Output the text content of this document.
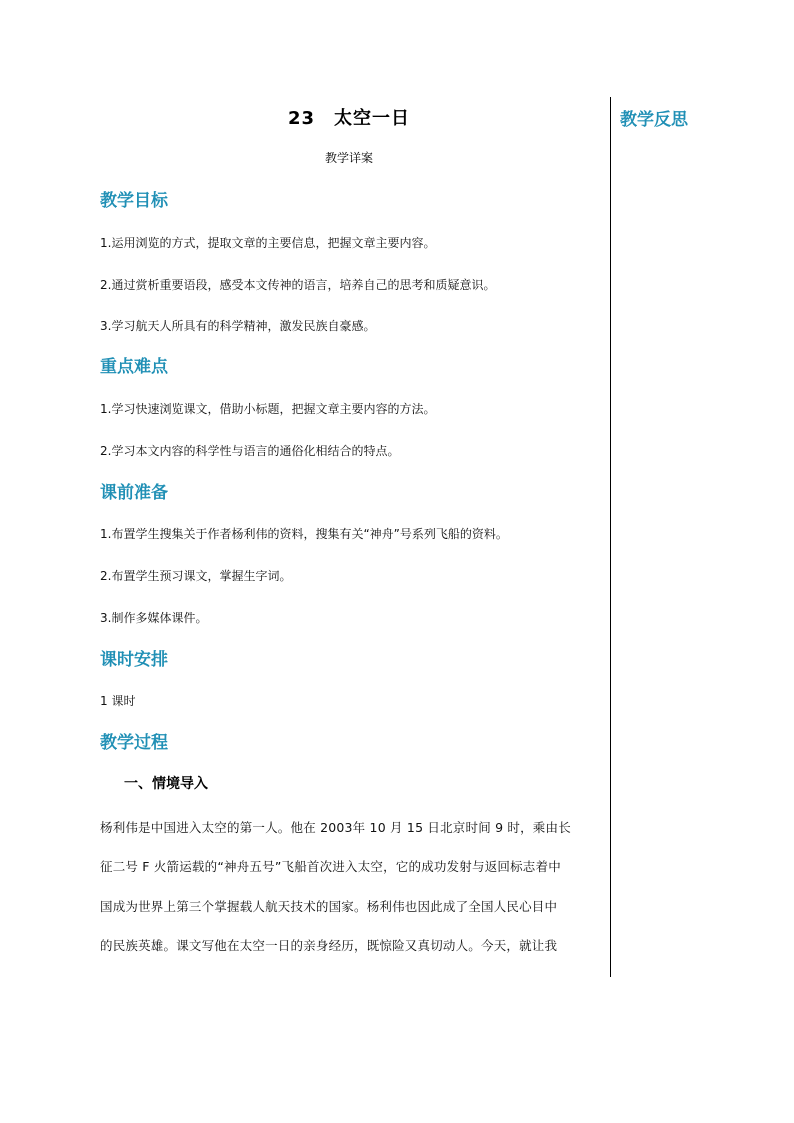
23　太空一日
教学详案
教学目标
1.运用浏览的方式，提取文章的主要信息，把握文章主要内容。
2.通过赏析重要语段，感受本文传神的语言，培养自己的思考和质疑意识。
3.学习航天人所具有的科学精神，激发民族自豪感。
重点难点
1.学习快速浏览课文，借助小标题，把握文章主要内容的方法。
2.学习本文内容的科学性与语言的通俗化相结合的特点。
课前准备
1.布置学生搜集关于作者杨利伟的资料，搜集有关“神舟”号系列飞船的资料。
2.布置学生预习课文，掌握生字词。
3.制作多媒体课件。
课时安排
1 课时
教学过程
一、情境导入
杨利伟是中国进入太空的第一人。他在 2003年 10 月 15 日北京时间 9 时，乘由长
征二号 F 火箭运载的“神舟五号”飞船首次进入太空，它的成功发射与返回标志着中
国成为世界上第三个掌握载人航天技术的国家。杨利伟也因此成了全国人民心目中
的民族英雄。课文写他在太空一日的亲身经历，既惊险又真切动人。今天，就让我
教学反思
